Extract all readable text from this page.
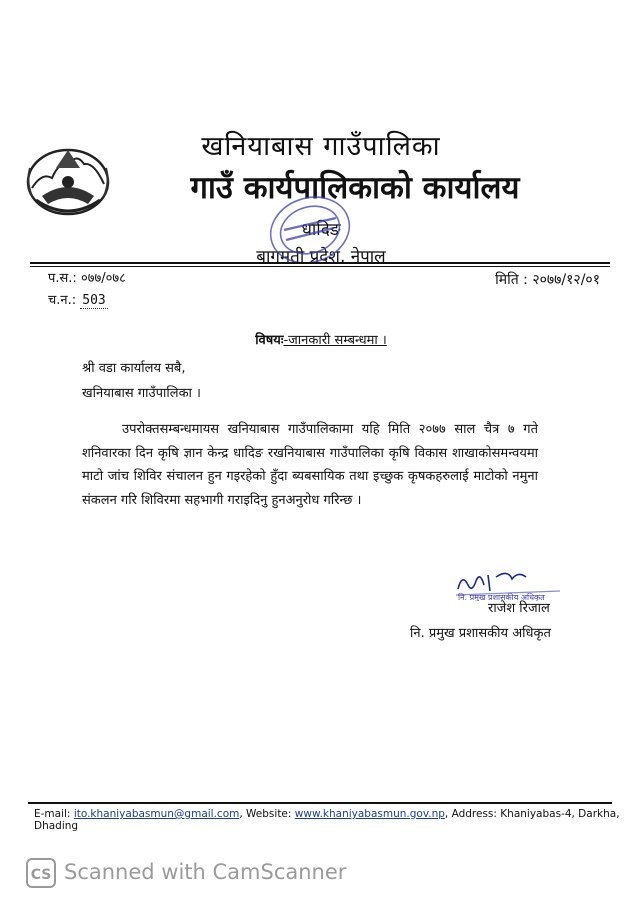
खनियाबास गाउँपालिका
गाउँ कार्यपालिकाको कार्यालय
धादिङ
बागमती प्रदेश, नेपाल
प.स.: ०७७/०७८
च.न.: 503
मिति : २०७७/१२/०१
विषयः-जानकारी सम्बन्धमा ।
श्री वडा कार्यालय सबै,
खनियाबास गाउँपालिका ।
उपरोक्तसम्बन्धमायस खनियाबास गाउँपालिकामा यहि मिति २०७७ साल चैत्र ७ गते शनिवारका दिन कृषि ज्ञान केन्द्र धादिङ रखनियाबास गाउँपालिका कृषि विकास शाखाकोसमन्वयमा माटो जांच शिविर संचालन हुन गइरहेको हुँदा ब्यबसायिक तथा इच्छुक कृषकहरुलाई माटोको नमुना संकलन गरि शिविरमा सहभागी गराइदिनु हुनअनुरोध गरिन्छ ।
नि. प्रमुख प्रशासकीय अधिकृत
राजेश रिजाल
नि. प्रमुख प्रशासकीय अधिकृत
E-mail: ito.khaniyabasmun@gmail.com, Website: www.khaniyabasmun.gov.np, Address: Khaniyabas-4, Darkha, Dhading
CS Scanned with CamScanner
